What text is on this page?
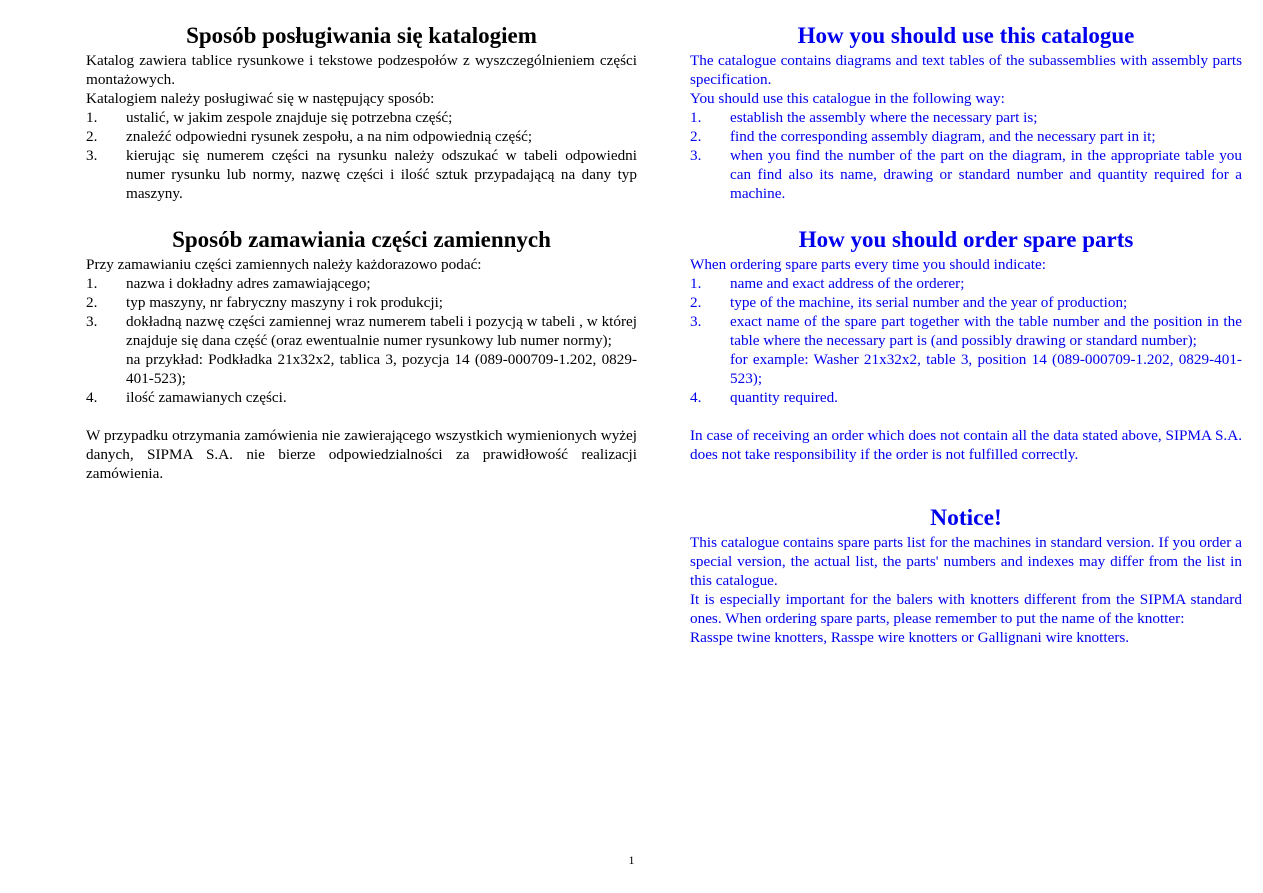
Sposób posługiwania się katalogiem

Katalog zawiera tablice rysunkowe i tekstowe podzespołów z wyszczególnieniem części montażowych.

Katalogiem należy posługiwać się w następujący sposób:

1. ustalić, w jakim zespole znajduje się potrzebna część;
2. znaleźć odpowiedni rysunek zespołu, a na nim odpowiednią część;
3. kierując się numerem części na rysunku należy odszukać w tabeli odpowiedni numer rysunku lub normy, nazwę części i ilość sztuk przypadającą na dany typ maszyny.
Sposób zamawiania części zamiennych

Przy zamawianiu części zamiennych należy każdorazowo podać:

1. nazwa i dokładny adres zamawiającego;
2. typ maszyny, nr fabryczny maszyny i rok produkcji;
3. dokładną nazwę części zamiennej wraz numerem tabeli i pozycją w tabeli , w której znajduje się dana część (oraz ewentualnie numer rysunkowy lub numer normy);
na przykład: Podkładka 21x32x2, tablica 3, pozycja 14 (089-000709-1.202, 0829-401-523);
4. ilość zamawianych części.

W przypadku otrzymania zamówienia nie zawierającego wszystkich wymienionych wyżej danych, SIPMA S.A. nie bierze odpowiedzialności za prawidłowość realizacji zamówienia.

How you should use this catalogue

The catalogue contains diagrams and text tables of the subassemblies with assembly parts specification.

You should use this catalogue in the following way:

1. establish the assembly where the necessary part is;
2. find the corresponding assembly diagram, and the necessary part in it;
3. when you find the number of the part on the diagram, in the appropriate table you can find also its name, drawing or standard number and quantity required for a machine.
How you should order spare parts

When ordering spare parts every time you should indicate:

1. name and exact address of the orderer;
2. type of the machine, its serial number and the year of production;
3. exact name of the spare part together with the table number and the position in the table where the necessary part is (and possibly drawing or standard number);
for example: Washer 21x32x2, table 3, position 14 (089-000709-1.202, 0829-401-523);
4. quantity required.

In case of receiving an order which does not contain all the data stated above, SIPMA S.A. does not take responsibility if the order is not fulfilled correctly.

Notice!

This catalogue contains spare parts list for the machines in standard version. If you order a special version, the actual list, the parts' numbers and indexes may differ from the list in this catalogue.

It is especially important for the balers with knotters different from the SIPMA standard ones. When ordering spare parts, please remember to put the name of the knotter:

Rasspe twine knotters, Rasspe wire knotters or Gallignani wire knotters.

1
